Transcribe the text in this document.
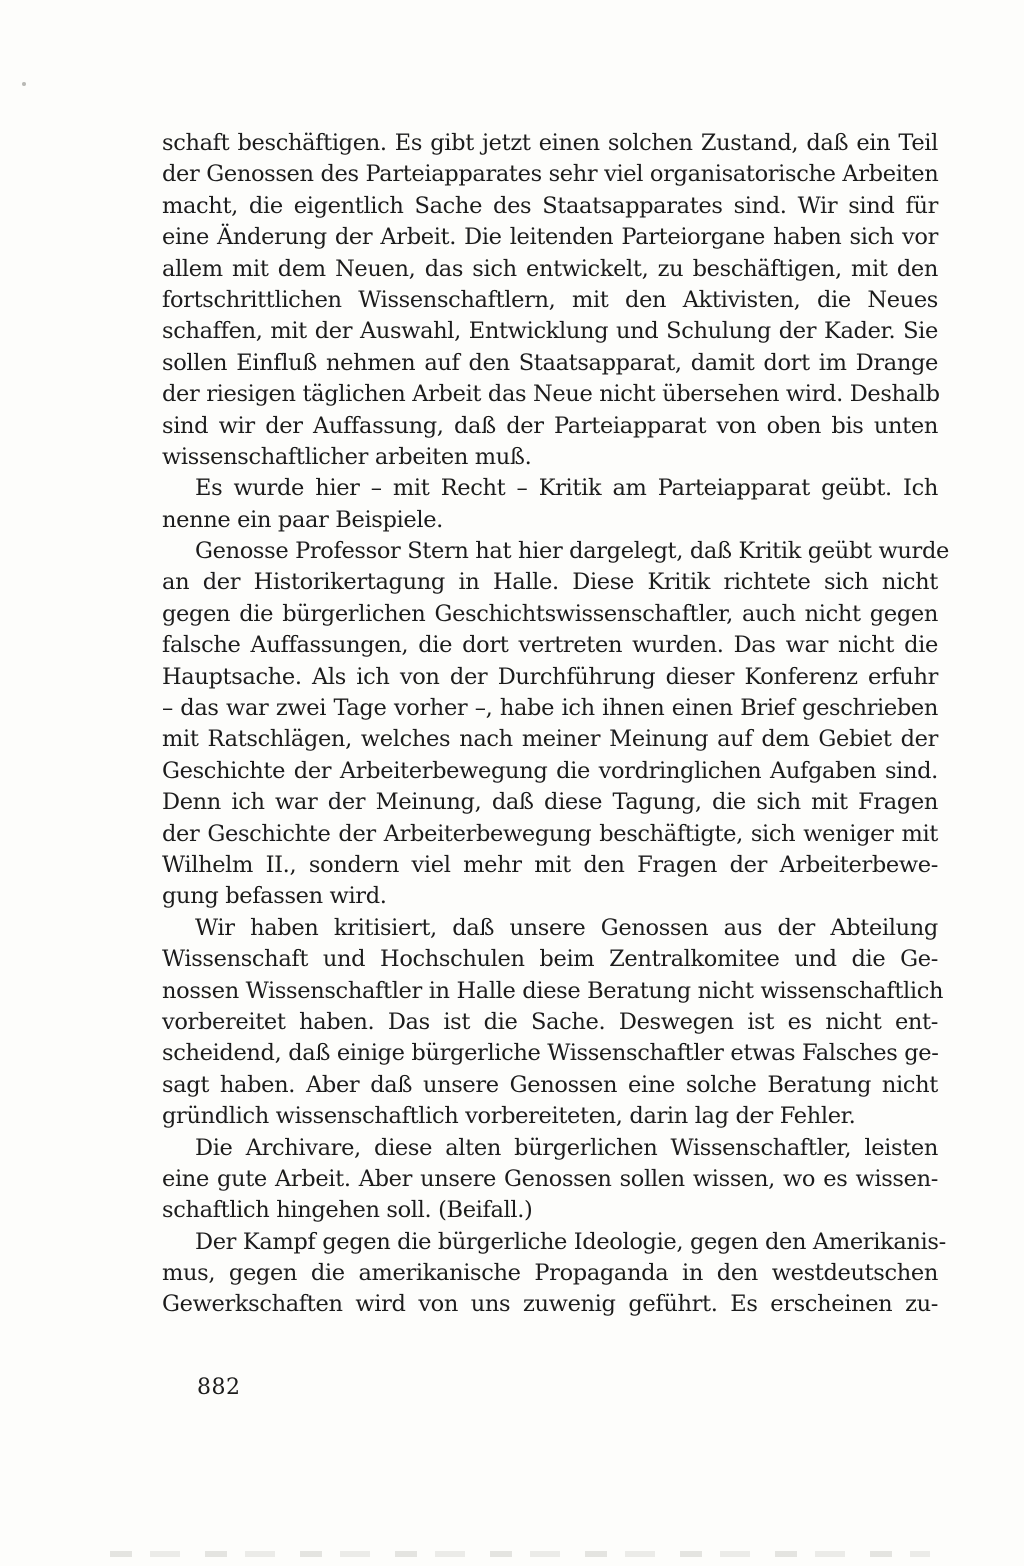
schaft beschäftigen. Es gibt jetzt einen solchen Zustand, daß ein Teil
der Genossen des Parteiapparates sehr viel organisatorische Arbeiten
macht, die eigentlich Sache des Staatsapparates sind. Wir sind für
eine Änderung der Arbeit. Die leitenden Parteiorgane haben sich vor
allem mit dem Neuen, das sich entwickelt, zu beschäftigen, mit den
fortschrittlichen Wissenschaftlern, mit den Aktivisten, die Neues
schaffen, mit der Auswahl, Entwicklung und Schulung der Kader. Sie
sollen Einfluß nehmen auf den Staatsapparat, damit dort im Drange
der riesigen täglichen Arbeit das Neue nicht übersehen wird. Deshalb
sind wir der Auffassung, daß der Parteiapparat von oben bis unten
wissenschaftlicher arbeiten muß.
Es wurde hier – mit Recht – Kritik am Parteiapparat geübt. Ich
nenne ein paar Beispiele.
Genosse Professor Stern hat hier dargelegt, daß Kritik geübt wurde
an der Historikertagung in Halle. Diese Kritik richtete sich nicht
gegen die bürgerlichen Geschichtswissenschaftler, auch nicht gegen
falsche Auffassungen, die dort vertreten wurden. Das war nicht die
Hauptsache. Als ich von der Durchführung dieser Konferenz erfuhr
– das war zwei Tage vorher –, habe ich ihnen einen Brief geschrieben
mit Ratschlägen, welches nach meiner Meinung auf dem Gebiet der
Geschichte der Arbeiterbewegung die vordringlichen Aufgaben sind.
Denn ich war der Meinung, daß diese Tagung, die sich mit Fragen
der Geschichte der Arbeiterbewegung beschäftigte, sich weniger mit
Wilhelm II., sondern viel mehr mit den Fragen der Arbeiterbewe-
gung befassen wird.
Wir haben kritisiert, daß unsere Genossen aus der Abteilung
Wissenschaft und Hochschulen beim Zentralkomitee und die Ge-
nossen Wissenschaftler in Halle diese Beratung nicht wissenschaftlich
vorbereitet haben. Das ist die Sache. Deswegen ist es nicht ent-
scheidend, daß einige bürgerliche Wissenschaftler etwas Falsches ge-
sagt haben. Aber daß unsere Genossen eine solche Beratung nicht
gründlich wissenschaftlich vorbereiteten, darin lag der Fehler.
Die Archivare, diese alten bürgerlichen Wissenschaftler, leisten
eine gute Arbeit. Aber unsere Genossen sollen wissen, wo es wissen-
schaftlich hingehen soll. (Beifall.)
Der Kampf gegen die bürgerliche Ideologie, gegen den Amerikanis-
mus, gegen die amerikanische Propaganda in den westdeutschen
Gewerkschaften wird von uns zuwenig geführt. Es erscheinen zu-
882
